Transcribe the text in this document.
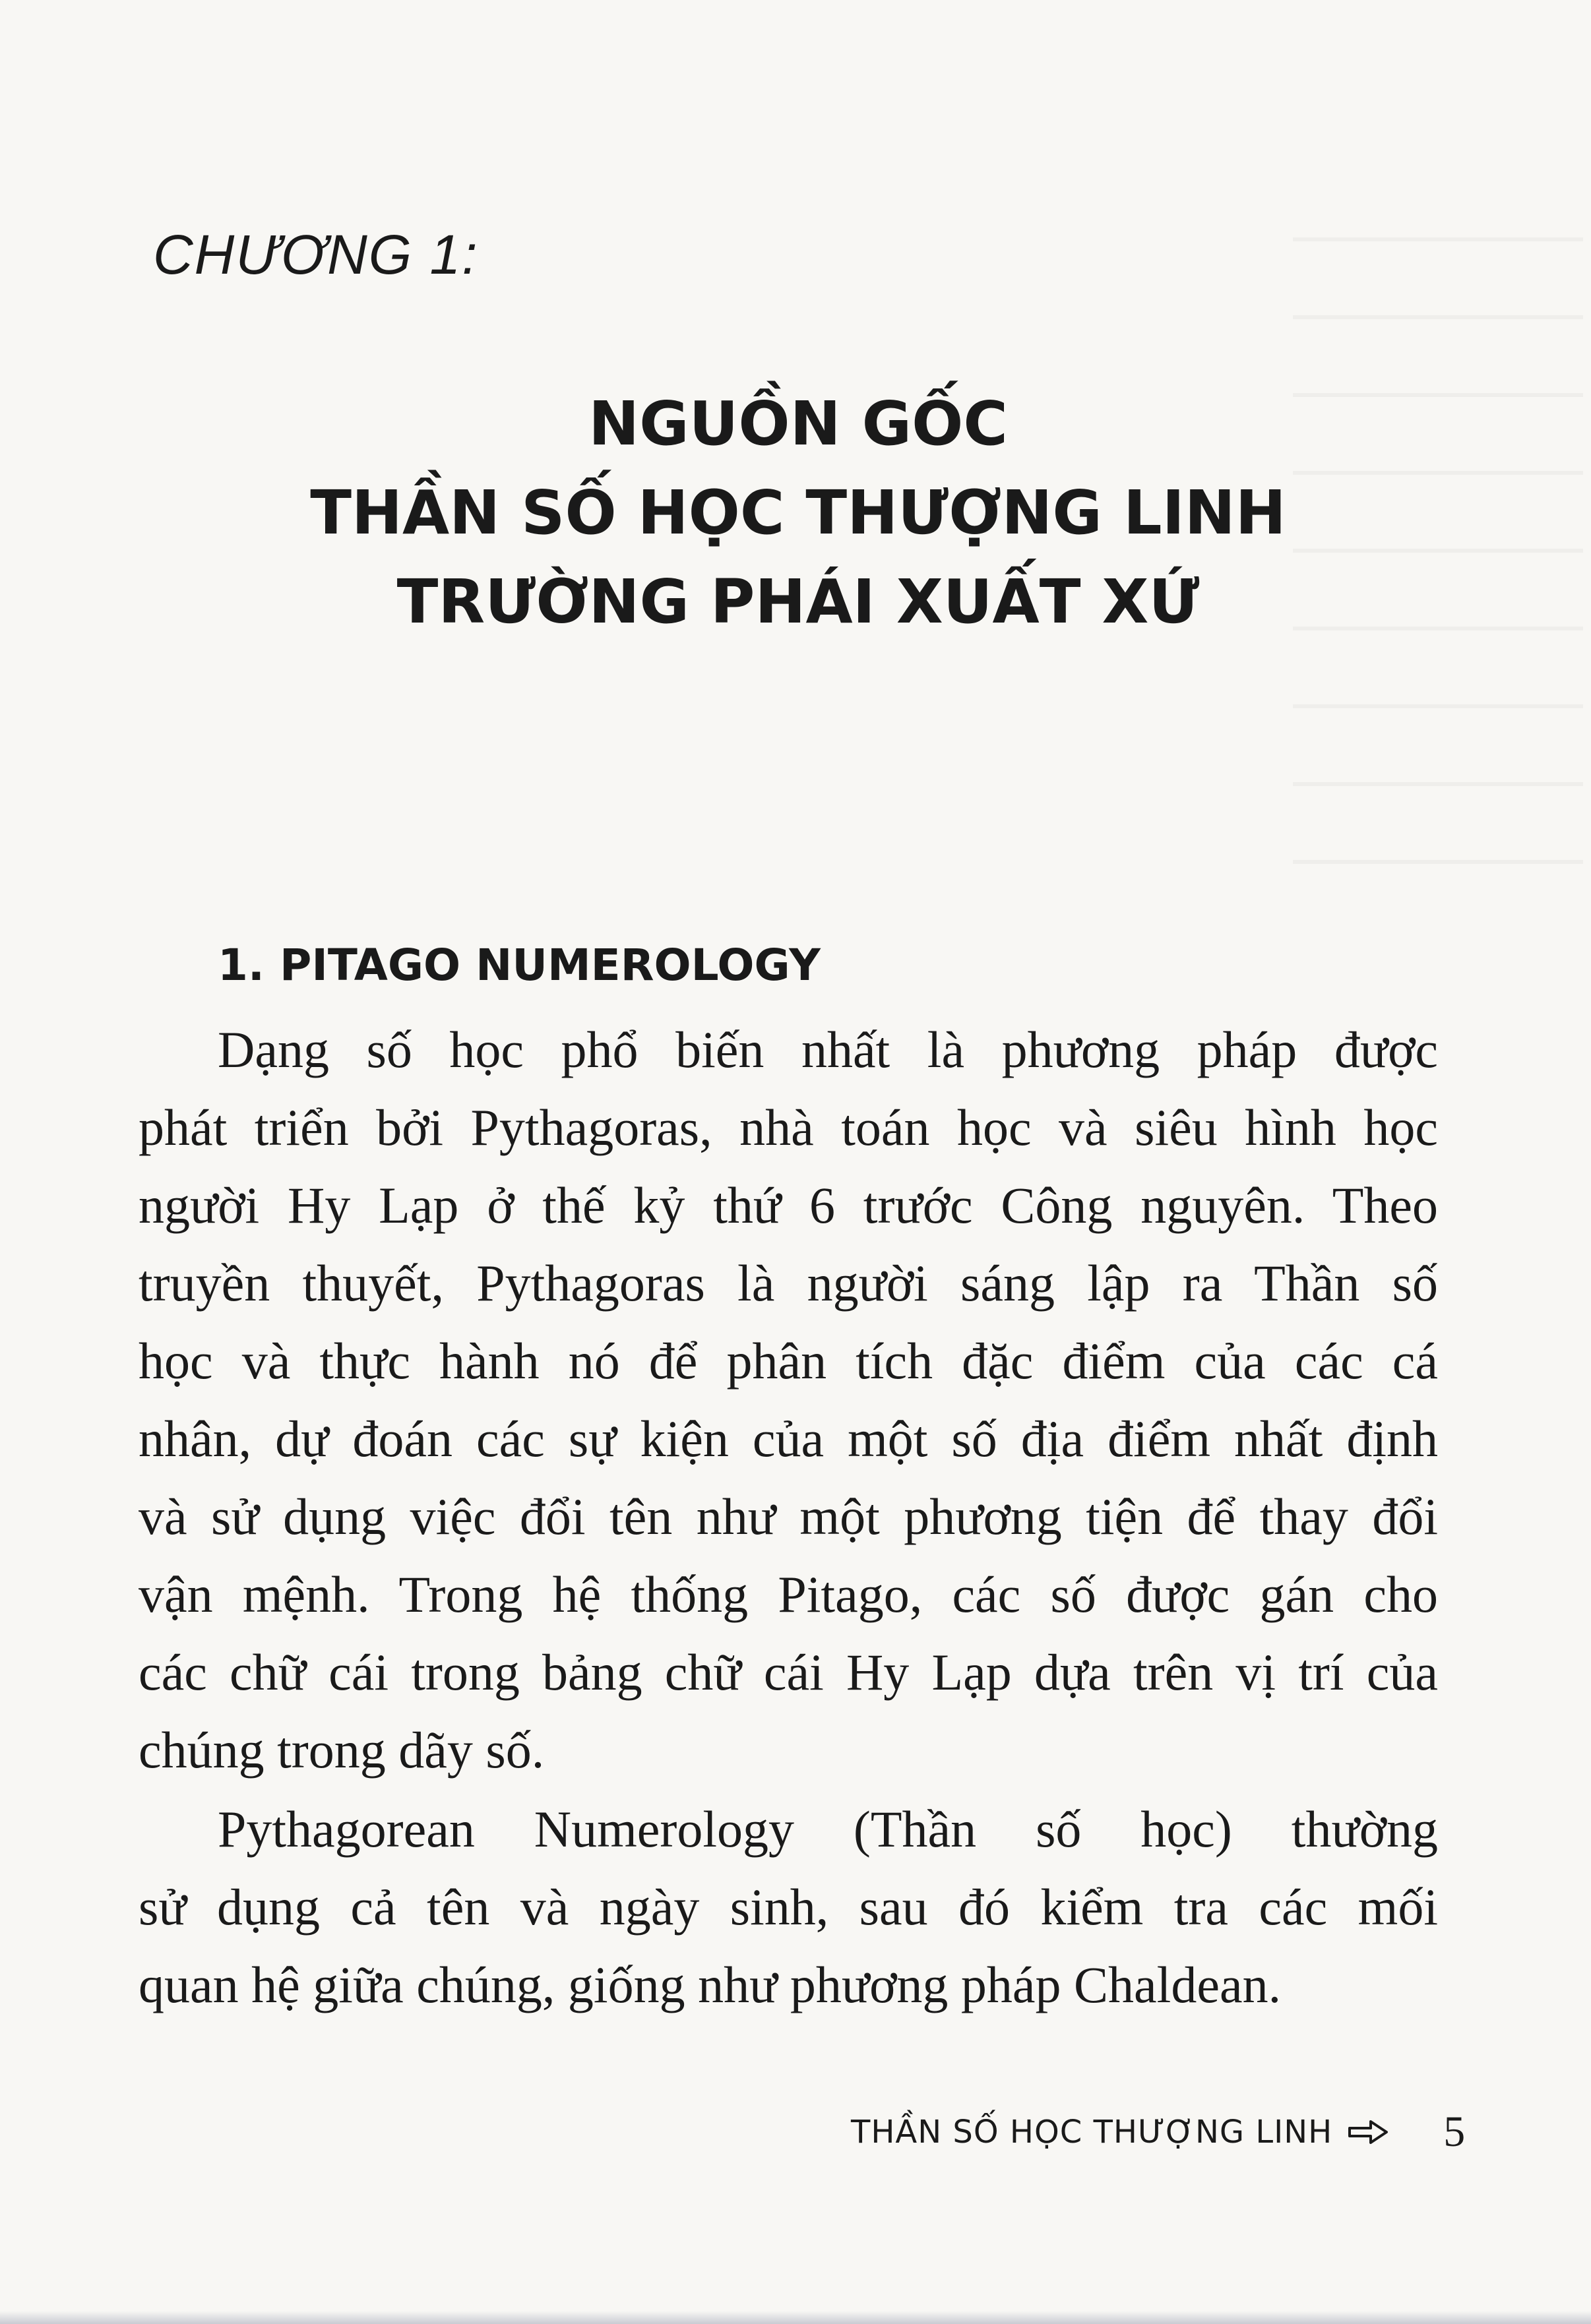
CHƯƠNG 1:
NGUỒN GỐC
THẦN SỐ HỌC THƯỢNG LINH
TRƯỜNG PHÁI XUẤT XỨ
1. PITAGO NUMEROLOGY
Dạng số học phổ biến nhất là phương pháp được
phát triển bởi Pythagoras, nhà toán học và siêu hình học
người Hy Lạp ở thế kỷ thứ 6 trước Công nguyên. Theo
truyền thuyết, Pythagoras là người sáng lập ra Thần số
học và thực hành nó để phân tích đặc điểm của các cá
nhân, dự đoán các sự kiện của một số địa điểm nhất định
và sử dụng việc đổi tên như một phương tiện để thay đổi
vận mệnh. Trong hệ thống Pitago, các số được gán cho
các chữ cái trong bảng chữ cái Hy Lạp dựa trên vị trí của
chúng trong dãy số.
Pythagorean Numerology (Thần số học) thường
sử dụng cả tên và ngày sinh, sau đó kiểm tra các mối
quan hệ giữa chúng, giống như phương pháp Chaldean.
THẦN SỐ HỌC THƯỢNG LINH	5
